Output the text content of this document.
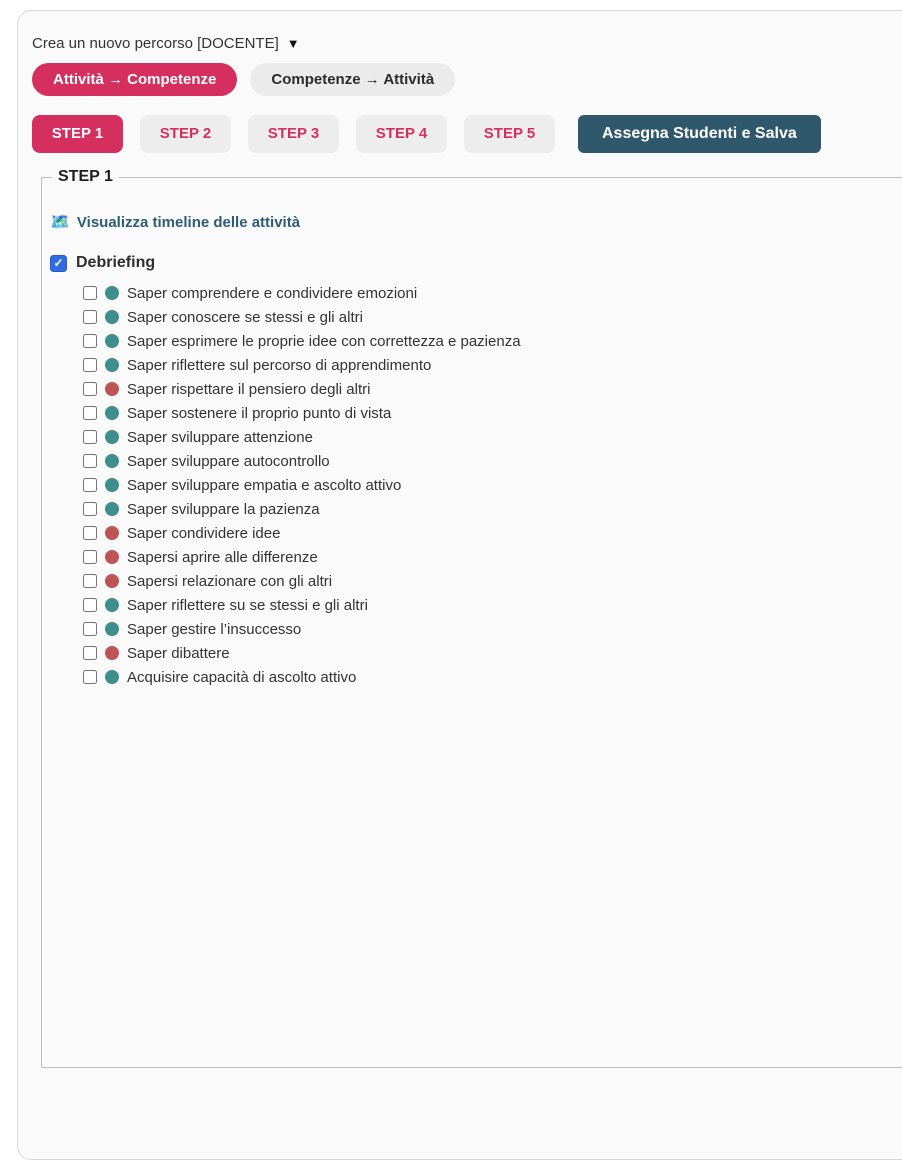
Crea un nuovo percorso [DOCENTE] ▼
Attività → Competenze	Competenze → Attività
STEP 1	STEP 2	STEP 3	STEP 4	STEP 5	Assegna Studenti e Salva
STEP 1
🗺️ Visualizza timeline delle attività
✓ Debriefing
Saper comprendere e condividere emozioni
Saper conoscere se stessi e gli altri
Saper esprimere le proprie idee con correttezza e pazienza
Saper riflettere sul percorso di apprendimento
Saper rispettare il pensiero degli altri
Saper sostenere il proprio punto di vista
Saper sviluppare attenzione
Saper sviluppare autocontrollo
Saper sviluppare empatia e ascolto attivo
Saper sviluppare la pazienza
Saper condividere idee
Sapersi aprire alle differenze
Sapersi relazionare con gli altri
Saper riflettere su se stessi e gli altri
Saper gestire l’insuccesso
Saper dibattere
Acquisire capacità di ascolto attivo
